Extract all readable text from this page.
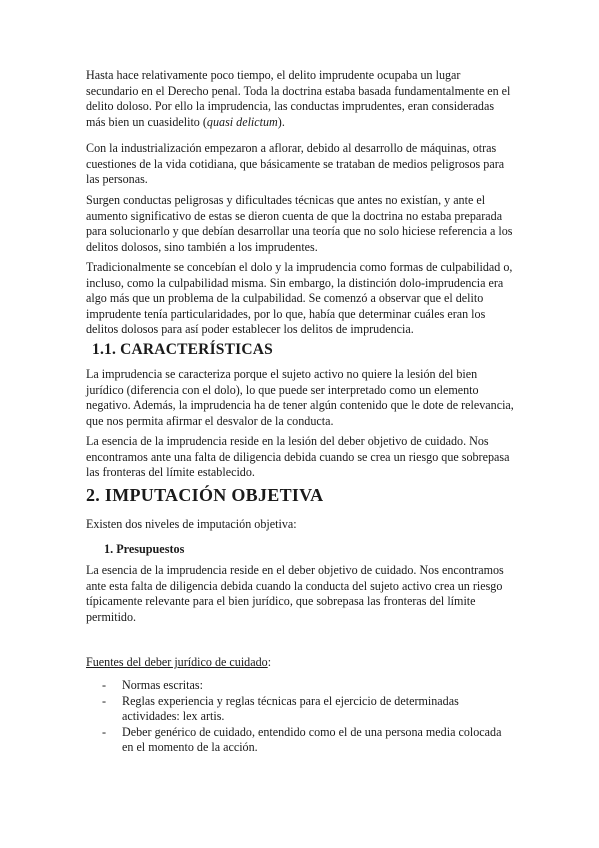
Hasta hace relativamente poco tiempo, el delito imprudente ocupaba un lugar
secundario en el Derecho penal. Toda la doctrina estaba basada fundamentalmente en el
delito doloso. Por ello la imprudencia, las conductas imprudentes, eran consideradas
más bien un cuasidelito (quasi delictum).
Con la industrialización empezaron a aflorar, debido al desarrollo de máquinas, otras
cuestiones de la vida cotidiana, que básicamente se trataban de medios peligrosos para
las personas.
Surgen conductas peligrosas y dificultades técnicas que antes no existían, y ante el
aumento significativo de estas se dieron cuenta de que la doctrina no estaba preparada
para solucionarlo y que debían desarrollar una teoría que no solo hiciese referencia a los
delitos dolosos, sino también a los imprudentes.
Tradicionalmente se concebían el dolo y la imprudencia como formas de culpabilidad o,
incluso, como la culpabilidad misma. Sin embargo, la distinción dolo-imprudencia era
algo más que un problema de la culpabilidad. Se comenzó a observar que el delito
imprudente tenía particularidades, por lo que, había que determinar cuáles eran los
delitos dolosos para así poder establecer los delitos de imprudencia.
1.1. CARACTERÍSTICAS
La imprudencia se caracteriza porque el sujeto activo no quiere la lesión del bien
jurídico (diferencia con el dolo), lo que puede ser interpretado como un elemento
negativo. Además, la imprudencia ha de tener algún contenido que le dote de relevancia,
que nos permita afirmar el desvalor de la conducta.
La esencia de la imprudencia reside en la lesión del deber objetivo de cuidado. Nos
encontramos ante una falta de diligencia debida cuando se crea un riesgo que sobrepasa
las fronteras del límite establecido.
2. IMPUTACIÓN OBJETIVA
Existen dos niveles de imputación objetiva:
1. Presupuestos
La esencia de la imprudencia reside en el deber objetivo de cuidado. Nos encontramos
ante esta falta de diligencia debida cuando la conducta del sujeto activo crea un riesgo
típicamente relevante para el bien jurídico, que sobrepasa las fronteras del límite
permitido.
Fuentes del deber jurídico de cuidado:
- Normas escritas:
- Reglas experiencia y reglas técnicas para el ejercicio de determinadas
actividades: lex artis.
- Deber genérico de cuidado, entendido como el de una persona media colocada
en el momento de la acción.
